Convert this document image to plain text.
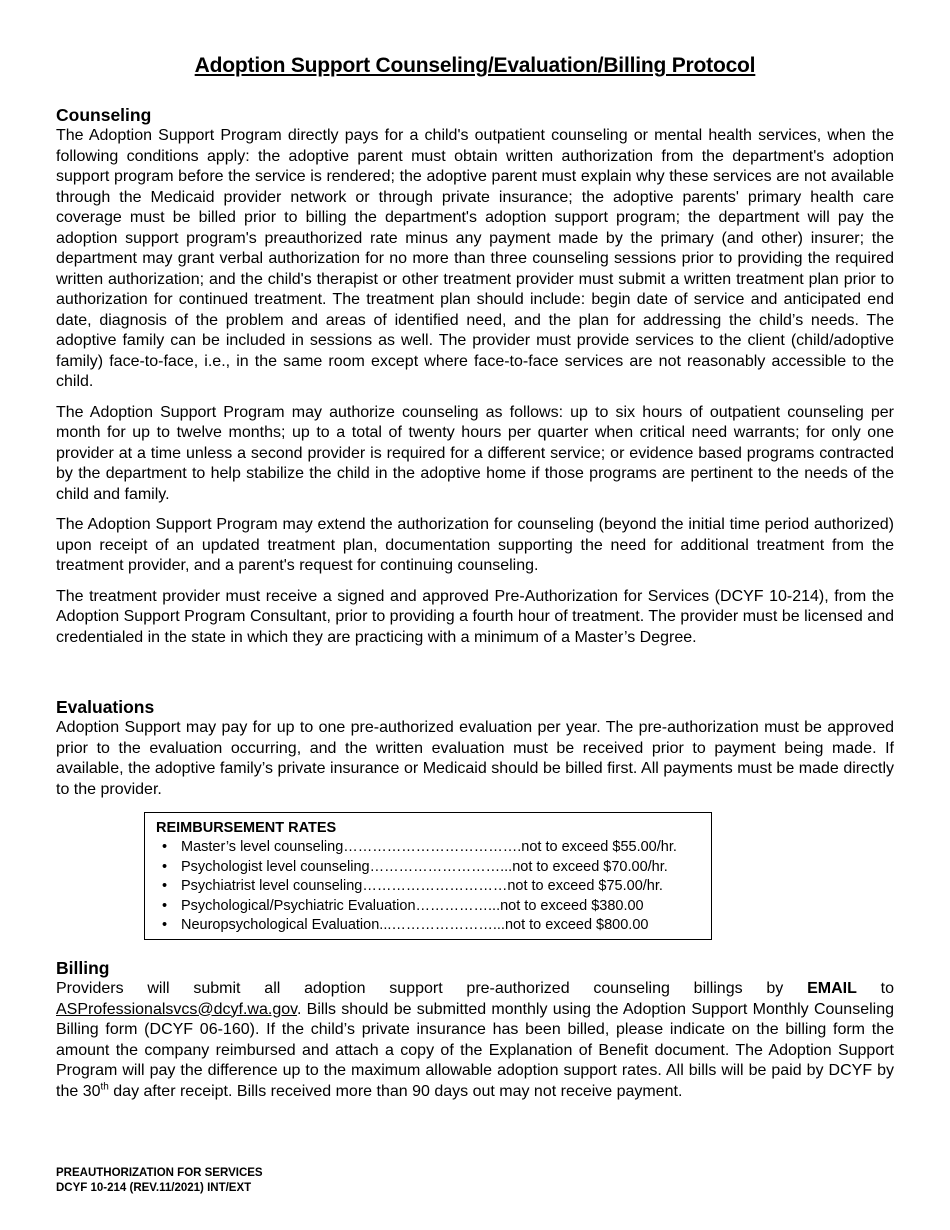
Adoption Support Counseling/Evaluation/Billing Protocol
Counseling

The Adoption Support Program directly pays for a child's outpatient counseling or mental health services, when the following conditions apply: the adoptive parent must obtain written authorization from the department's adoption support program before the service is rendered; the adoptive parent must explain why these services are not available through the Medicaid provider network or through private insurance; the adoptive parents' primary health care coverage must be billed prior to billing the department's adoption support program; the department will pay the adoption support program's preauthorized rate minus any payment made by the primary (and other) insurer; the department may grant verbal authorization for no more than three counseling sessions prior to providing the required written authorization; and the child's therapist or other treatment provider must submit a written treatment plan prior to authorization for continued treatment. The treatment plan should include: begin date of service and anticipated end date, diagnosis of the problem and areas of identified need, and the plan for addressing the child’s needs. The adoptive family can be included in sessions as well. The provider must provide services to the client (child/adoptive family) face-to-face, i.e., in the same room except where face-to-face services are not reasonably accessible to the child.

The Adoption Support Program may authorize counseling as follows: up to six hours of outpatient counseling per month for up to twelve months; up to a total of twenty hours per quarter when critical need warrants; for only one provider at a time unless a second provider is required for a different service; or evidence based programs contracted by the department to help stabilize the child in the adoptive home if those programs are pertinent to the needs of the child and family.

The Adoption Support Program may extend the authorization for counseling (beyond the initial time period authorized) upon receipt of an updated treatment plan, documentation supporting the need for additional treatment from the treatment provider, and a parent's request for continuing counseling.

The treatment provider must receive a signed and approved Pre-Authorization for Services (DCYF 10-214), from the Adoption Support Program Consultant, prior to providing a fourth hour of treatment. The provider must be licensed and credentialed in the state in which they are practicing with a minimum of a Master’s Degree.

Evaluations

Adoption Support may pay for up to one pre-authorized evaluation per year. The pre-authorization must be approved prior to the evaluation occurring, and the written evaluation must be received prior to payment being made. If available, the adoptive family’s private insurance or Medicaid should be billed first. All payments must be made directly to the provider.

REIMBURSEMENT RATES
• Master’s level counseling……………………………….not to exceed $55.00/hr.
• Psychologist level counseling………………………...not to exceed $70.00/hr.
• Psychiatrist level counseling…………………………not to exceed $75.00/hr.
• Psychological/Psychiatric Evaluation……………...not to exceed $380.00
• Neuropsychological Evaluation...…………………...not to exceed $800.00
Billing

Providers will submit all adoption support pre-authorized counseling billings by EMAIL to ASProfessionalsvcs@dcyf.wa.gov. Bills should be submitted monthly using the Adoption Support Monthly Counseling Billing form (DCYF 06-160). If the child’s private insurance has been billed, please indicate on the billing form the amount the company reimbursed and attach a copy of the Explanation of Benefit document. The Adoption Support Program will pay the difference up to the maximum allowable adoption support rates. All bills will be paid by DCYF by the 30th day after receipt. Bills received more than 90 days out may not receive payment.

PREAUTHORIZATION FOR SERVICES
DCYF 10-214 (REV.11/2021) INT/EXT
